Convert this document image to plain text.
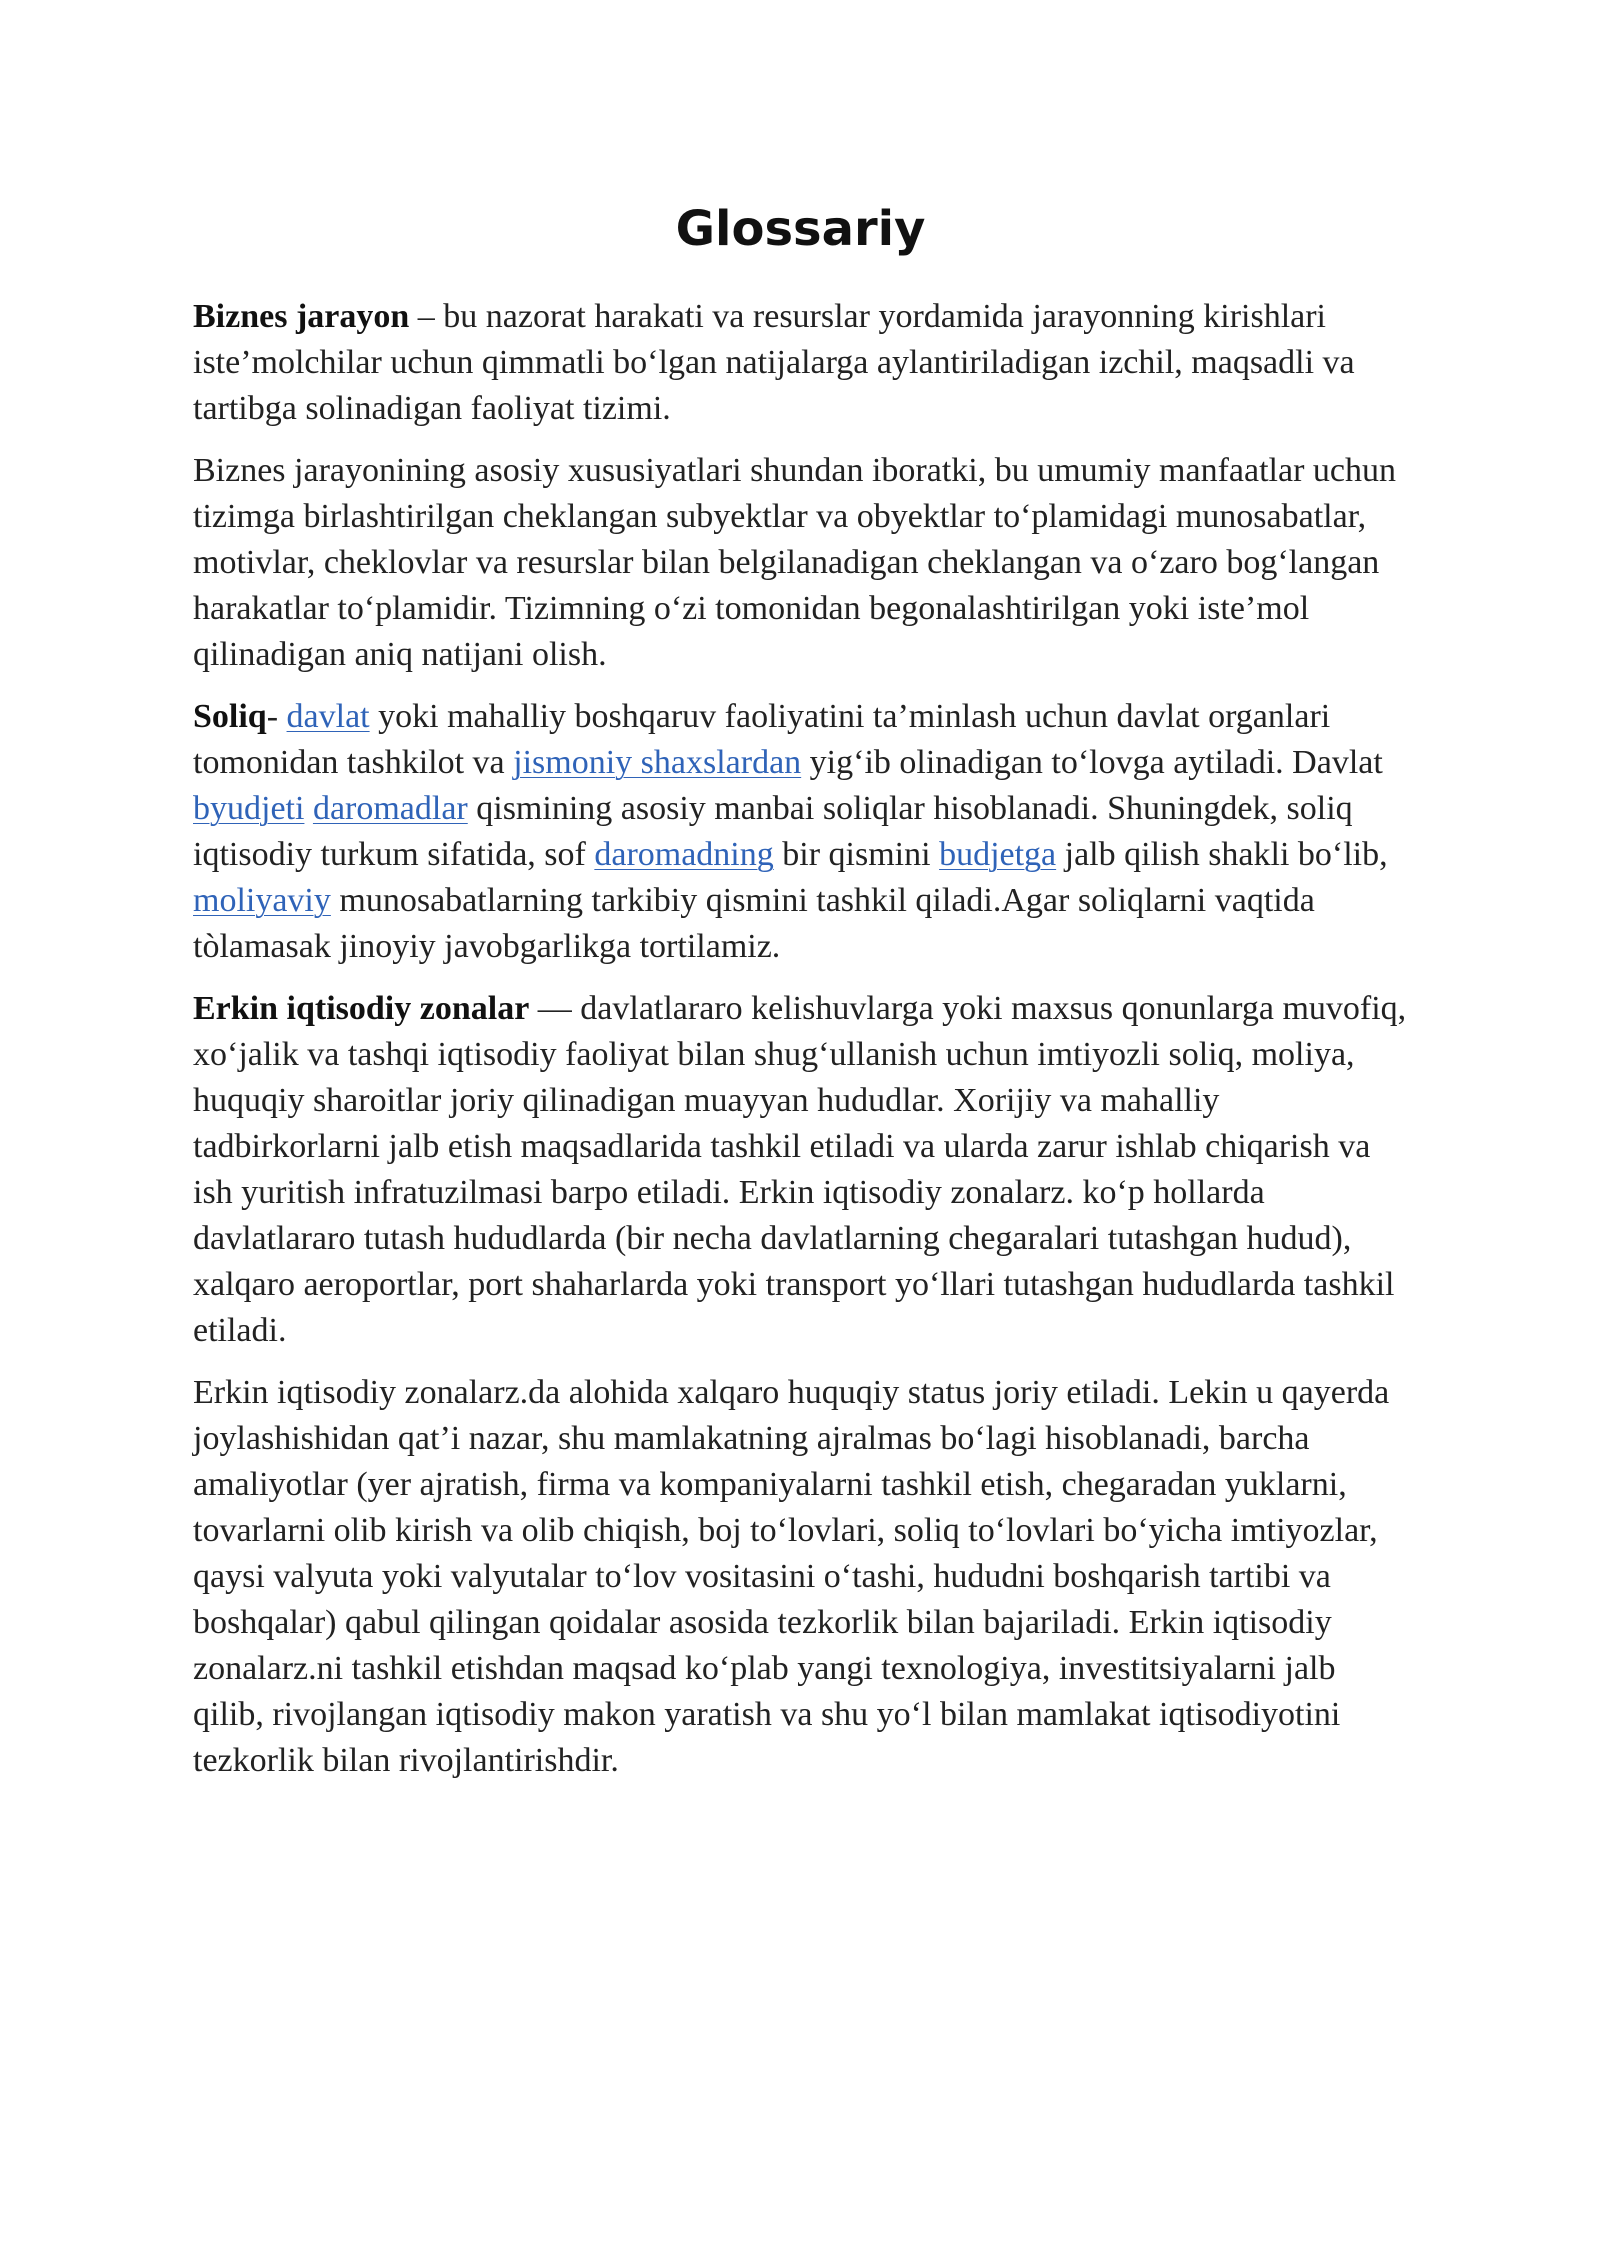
Glossariy

Biznes jarayon – bu nazorat harakati va resurslar yordamida jarayonning kirishlari iste’molchilar uchun qimmatli bo‘lgan natijalarga aylantiriladigan izchil, maqsadli va tartibga solinadigan faoliyat tizimi.

Biznes jarayonining asosiy xususiyatlari shundan iboratki, bu umumiy manfaatlar uchun tizimga birlashtirilgan cheklangan subyektlar va obyektlar to‘plamidagi munosabatlar, motivlar, cheklovlar va resurslar bilan belgilanadigan cheklangan va o‘zaro bog‘langan harakatlar to‘plamidir. Tizimning o‘zi tomonidan begonalashtirilgan yoki iste’mol qilinadigan aniq natijani olish.

Soliq- davlat yoki mahalliy boshqaruv faoliyatini ta’minlash uchun davlat organlari tomonidan tashkilot va jismoniy shaxslardan yig‘ib olinadigan to‘lovga aytiladi. Davlat byudjeti daromadlar qismining asosiy manbai soliqlar hisoblanadi. Shuningdek, soliq iqtisodiy turkum sifatida, sof daromadning bir qismini budjetga jalb qilish shakli bo‘lib, moliyaviy munosabatlarning tarkibiy qismini tashkil qiladi.Agar soliqlarni vaqtida tòlamasak jinoyiy javobgarlikga tortilamiz.

Erkin iqtisodiy zonalar — davlatlararo kelishuvlarga yoki maxsus qonunlarga muvofiq, xo‘jalik va tashqi iqtisodiy faoliyat bilan shug‘ullanish uchun imtiyozli soliq, moliya, huquqiy sharoitlar joriy qilinadigan muayyan hududlar. Xorijiy va mahalliy tadbirkorlarni jalb etish maqsadlarida tashkil etiladi va ularda zarur ishlab chiqarish va ish yuritish infratuzilmasi barpo etiladi. Erkin iqtisodiy zonalarz. ko‘p hollarda davlatlararo tutash hududlarda (bir necha davlatlarning chegaralari tutashgan hudud), xalqaro aeroportlar, port shaharlarda yoki transport yo‘llari tutashgan hududlarda tashkil etiladi.

Erkin iqtisodiy zonalarz.da alohida xalqaro huquqiy status joriy etiladi. Lekin u qayerda joylashishidan qat’i nazar, shu mamlakatning ajralmas bo‘lagi hisoblanadi, barcha amaliyotlar (yer ajratish, firma va kompaniyalarni tashkil etish, chegaradan yuklarni, tovarlarni olib kirish va olib chiqish, boj to‘lovlari, soliq to‘lovlari bo‘yicha imtiyozlar, qaysi valyuta yoki valyutalar to‘lov vositasini o‘tashi, hududni boshqarish tartibi va boshqalar) qabul qilingan qoidalar asosida tezkorlik bilan bajariladi. Erkin iqtisodiy zonalarz.ni tashkil etishdan maqsad ko‘plab yangi texnologiya, investitsiyalarni jalb qilib, rivojlangan iqtisodiy makon yaratish va shu yo‘l bilan mamlakat iqtisodiyotini tezkorlik bilan rivojlantirishdir.
